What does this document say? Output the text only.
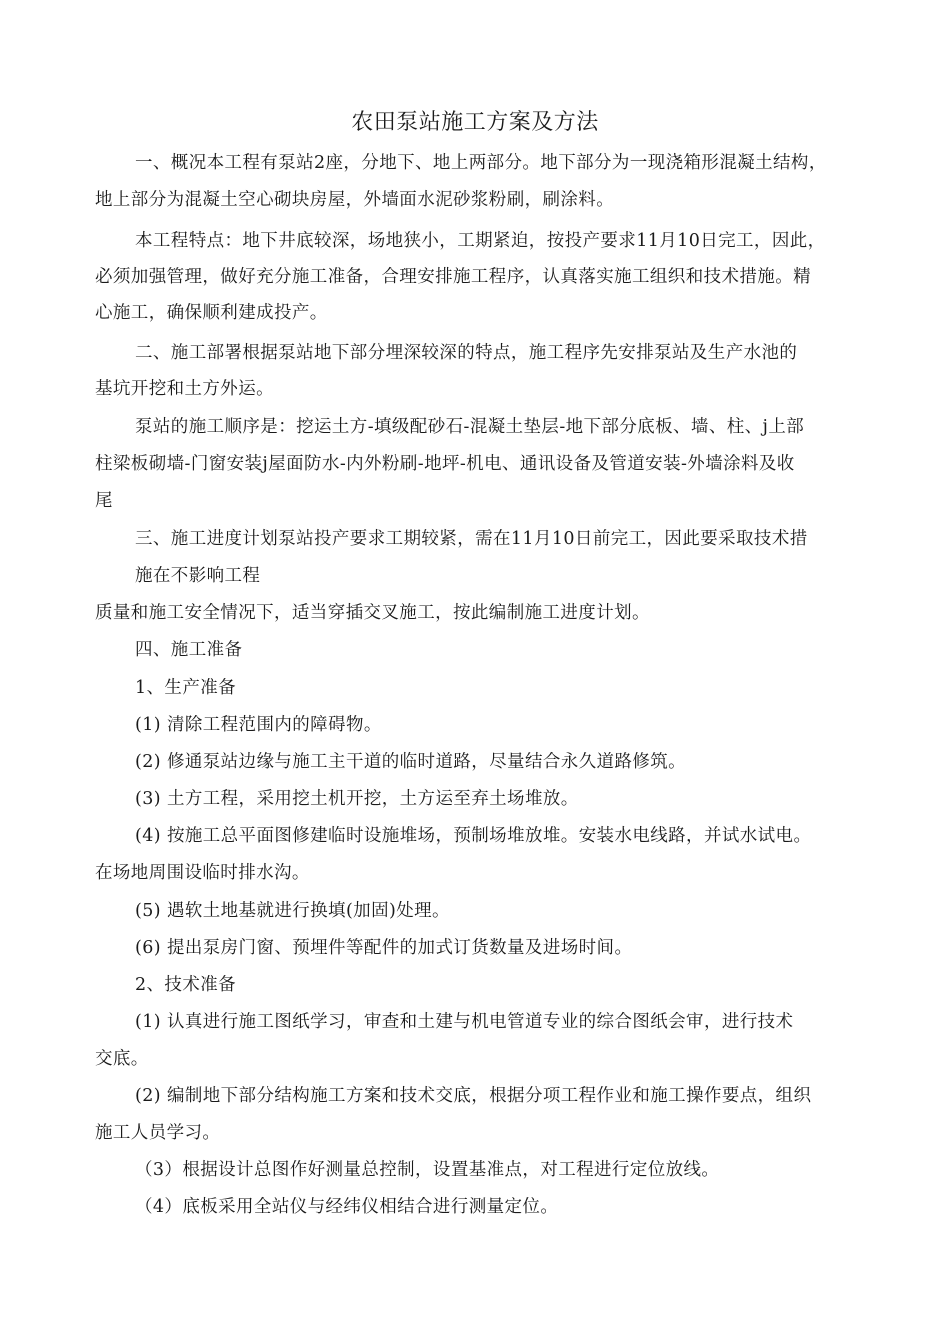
农田泵站施工方案及方法
一、概况本工程有泵站2座，分地下、地上两部分。地下部分为一现浇箱形混凝土结构，
地上部分为混凝土空心砌块房屋，外墙面水泥砂浆粉刷，刷涂料。
本工程特点：地下井底较深，场地狭小，工期紧迫，按投产要求11月10日完工，因此，
必须加强管理，做好充分施工准备，合理安排施工程序，认真落实施工组织和技术措施。精
心施工，确保顺利建成投产。
二、施工部署根据泵站地下部分埋深较深的特点，施工程序先安排泵站及生产水池的
基坑开挖和土方外运。
泵站的施工顺序是：挖运土方-填级配砂石-混凝土垫层-地下部分底板、墙、柱、j上部
柱梁板砌墙-门窗安装j屋面防水-内外粉刷-地坪-机电、通讯设备及管道安装-外墙涂料及收
尾
三、施工进度计划泵站投产要求工期较紧，需在11月10日前完工，因此要采取技术措
施在不影响工程
质量和施工安全情况下，适当穿插交叉施工，按此编制施工进度计划。
四、施工准备
1、生产准备
(1) 清除工程范围内的障碍物。
(2) 修通泵站边缘与施工主干道的临时道路，尽量结合永久道路修筑。
(3) 土方工程，采用挖土机开挖，土方运至弃土场堆放。
(4) 按施工总平面图修建临时设施堆场，预制场堆放堆。安装水电线路，并试水试电。
在场地周围设临时排水沟。
(5) 遇软土地基就进行换填(加固)处理。
(6) 提出泵房门窗、预埋件等配件的加式订货数量及进场时间。
2、技术准备
(1) 认真进行施工图纸学习，审查和土建与机电管道专业的综合图纸会审，进行技术
交底。
(2) 编制地下部分结构施工方案和技术交底，根据分项工程作业和施工操作要点，组织
施工人员学习。
（3）根据设计总图作好测量总控制，设置基准点，对工程进行定位放线。
（4）底板采用全站仪与经纬仪相结合进行测量定位。
